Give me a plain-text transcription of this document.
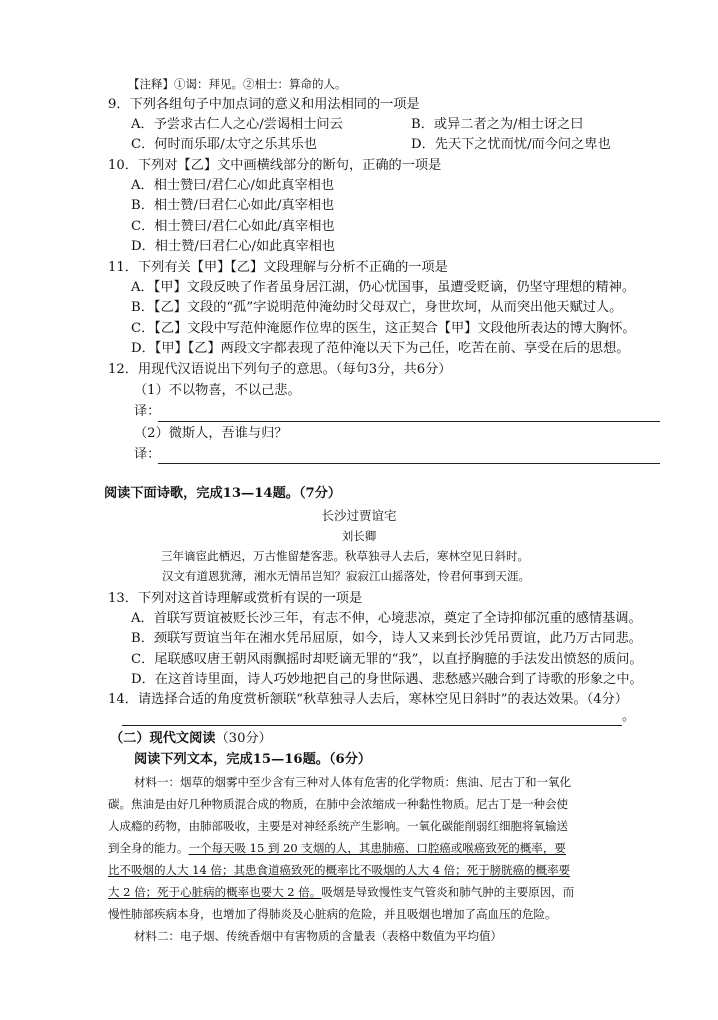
【注释】①谒：拜见。②相士：算命的人。
9．下列各组句子中加点词的意义和用法相同的一项是
A．予尝求古仁人之心/尝谒相士问云	B．或异二者之为/相士讶之曰
C．何时而乐耶/太守之乐其乐也	D．先天下之忧而忧/而今问之卑也
10．下列对【乙】文中画横线部分的断句，正确的一项是
A．相士赞曰/君仁心/如此真宰相也
B．相士赞/曰君仁心如此/真宰相也
C．相士赞曰/君仁心如此/真宰相也
D．相士赞/曰君仁心/如此真宰相也
11．下列有关【甲】【乙】文段理解与分析不正确的一项是
A．【甲】文段反映了作者虽身居江湖，仍心忧国事，虽遭受贬谪，仍坚守理想的精神。
B．【乙】文段的“孤”字说明范仲淹幼时父母双亡，身世坎坷，从而突出他天赋过人。
C．【乙】文段中写范仲淹愿作位卑的医生，这正契合【甲】文段他所表达的博大胸怀。
D．【甲】【乙】两段文字都表现了范仲淹以天下为己任，吃苦在前、享受在后的思想。
12．用现代汉语说出下列句子的意思。（每句3分，共6分）
（1）不以物喜，不以己悲。
译：
（2）微斯人，吾谁与归？
译：
阅读下面诗歌，完成13—14题。（7分）
长沙过贾谊宅
刘长卿
三年谪宦此栖迟，万古惟留楚客悲。秋草独寻人去后，寒林空见日斜时。
汉文有道恩犹薄，湘水无情吊岂知？寂寂江山摇落处，怜君何事到天涯。
13．下列对这首诗理解或赏析有误的一项是
A．首联写贾谊被贬长沙三年，有志不伸，心境悲凉，奠定了全诗抑郁沉重的感情基调。
B．颈联写贾谊当年在湘水凭吊屈原，如今，诗人又来到长沙凭吊贾谊，此乃万古同悲。
C．尾联感叹唐王朝风雨飘摇时却贬谪无罪的“我”，以直抒胸臆的手法发出愤怒的质问。
D．在这首诗里面，诗人巧妙地把自己的身世际遇、悲愁感兴融合到了诗歌的形象之中。
14．请选择合适的角度赏析颔联“秋草独寻人去后，寒林空见日斜时”的表达效果。（4分）
。
（二）现代文阅读（30分）
阅读下列文本，完成15—16题。（6分）
材料一：烟草的烟雾中至少含有三种对人体有危害的化学物质：焦油、尼古丁和一氧化
碳。焦油是由好几种物质混合成的物质，在肺中会浓缩成一种黏性物质。尼古丁是一种会使
人成瘾的药物，由肺部吸收，主要是对神经系统产生影响。一氧化碳能削弱红细胞将氧输送
到全身的能力。一个每天吸 15 到 20 支烟的人，其患肺癌、口腔癌或喉癌致死的概率，要
比不吸烟的人大 14 倍；其患食道癌致死的概率比不吸烟的人大 4 倍；死于膀胱癌的概率要
大 2 倍；死于心脏病的概率也要大 2 倍。吸烟是导致慢性支气管炎和肺气肿的主要原因，而
慢性肺部疾病本身，也增加了得肺炎及心脏病的危险，并且吸烟也增加了高血压的危险。
材料二：电子烟、传统香烟中有害物质的含量表（表格中数值为平均值）
